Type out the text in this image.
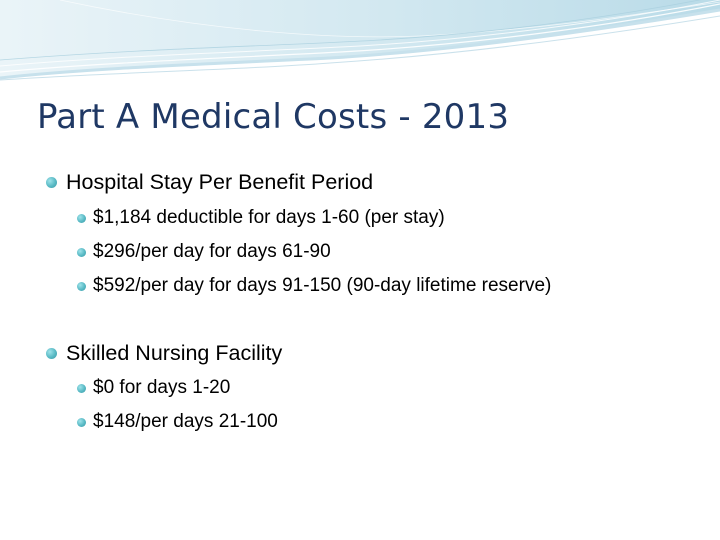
Part A Medical Costs - 2013
Hospital Stay Per Benefit Period
$1,184 deductible for days 1-60 (per stay)
$296/per day for days 61-90
$592/per day for days 91-150 (90-day lifetime reserve)
Skilled Nursing Facility
$0 for days 1-20
$148/per days 21-100
